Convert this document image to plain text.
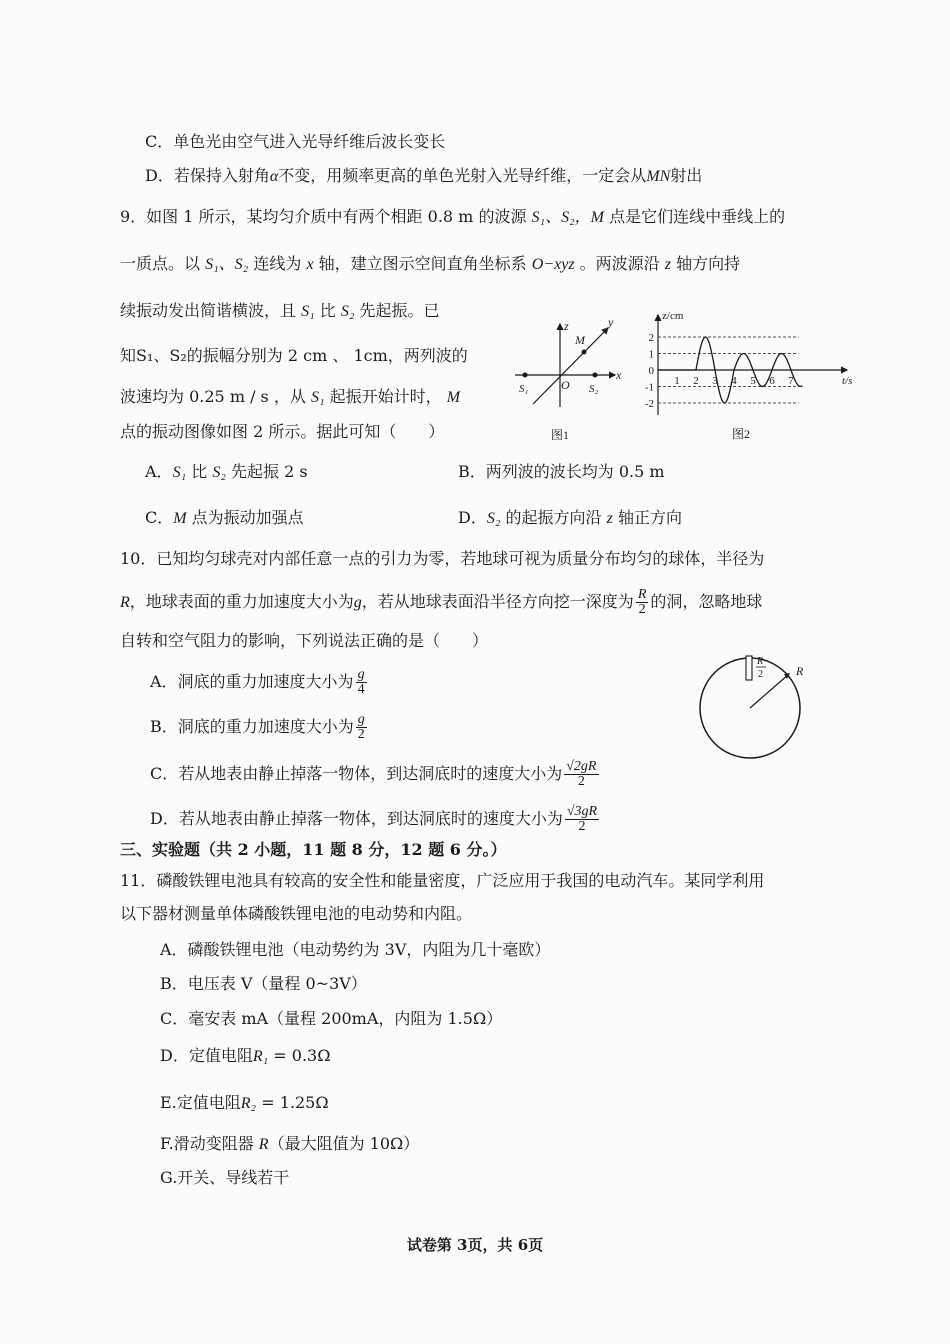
C．单色光由空气进入光导纤维后波长变长
D．若保持入射角α不变，用频率更高的单色光射入光导纤维，一定会从MN射出
9．如图 1 所示，某均匀介质中有两个相距 0.8 m 的波源 S₁、S₂，M 点是它们连线中垂线上的
一质点。以 S₁、S₂ 连线为 x 轴，建立图示空间直角坐标系 O−xyz 。两波源沿 z 轴方向持
续振动发出简谐横波，且 S₁ 比 S₂ 先起振。已
知S₁、S₂的振幅分别为 2 cm 、 1cm，两列波的
波速均为 0.25 m / s ，从 S₁ 起振开始计时， M
点的振动图像如图 2 所示。据此可知（　　）
A．S₁ 比 S₂ 先起振 2 s	B．两列波的波长均为 0.5 m
C．M 点为振动加强点	D．S₂ 的起振方向沿 z 轴正方向
z	y
x
M
O
S₁	S₂
图1
2
1
0
-1
-2
1 2 3 4 5 6 7
z/cm
t/s
图2
10．已知均匀球壳对内部任意一点的引力为零，若地球可视为质量分布均匀的球体，半径为
R，地球表面的重力加速度大小为g，若从地球表面沿半径方向挖一深度为 $\frac{R}{2}$ 的洞，忽略地球
自转和空气阻力的影响，下列说法正确的是（　　）
A．洞底的重力加速度大小为 $\frac{g}{4}$
B．洞底的重力加速度大小为 $\frac{g}{2}$
C．若从地表由静止掉落一物体，到达洞底时的速度大小为 $\frac{√2gR}{2}$
D．若从地表由静止掉落一物体，到达洞底时的速度大小为 $\frac{√3gR}{2}$
R
R
2
三、实验题（共 2 小题，11 题 8 分，12 题 6 分。）
11．磷酸铁锂电池具有较高的安全性和能量密度，广泛应用于我国的电动汽车。某同学利用
以下器材测量单体磷酸铁锂电池的电动势和内阻。
A．磷酸铁锂电池（电动势约为 3V，内阻为几十毫欧）
B．电压表 V（量程 0~3V）
C．毫安表 mA（量程 200mA，内阻为 1.5Ω）
D．定值电阻R₁ = 0.3Ω
E.定值电阻R₂ = 1.25Ω
F.滑动变阻器 R（最大阻值为 10Ω）
G.开关、导线若干
试卷第 3页，共 6页
